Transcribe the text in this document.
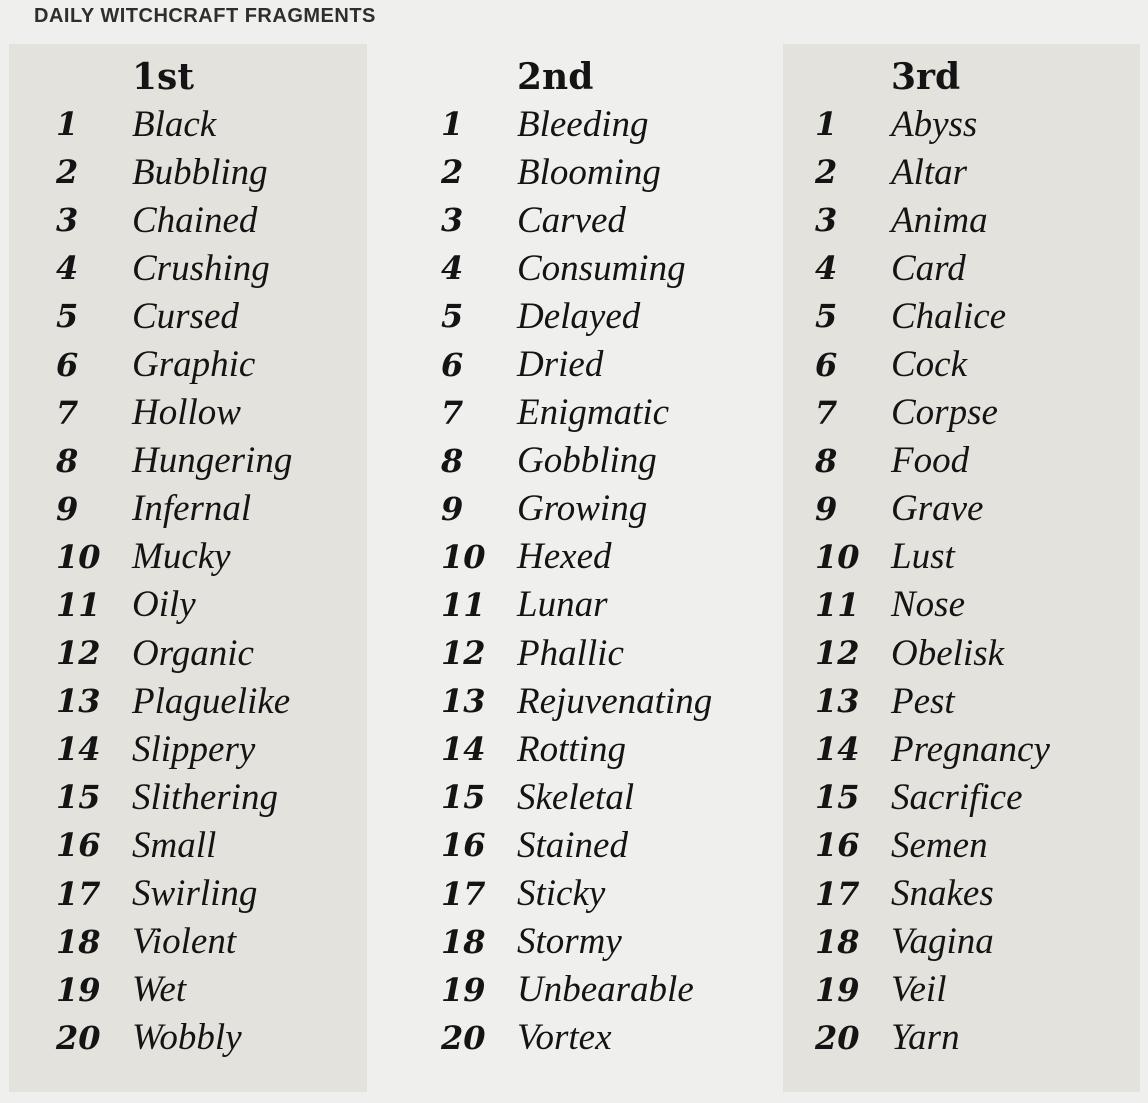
DAILY WITCHCRAFT FRAGMENTS
1st
1	Black
2	Bubbling
3	Chained
4	Crushing
5	Cursed
6	Graphic
7	Hollow
8	Hungering
9	Infernal
10 Mucky
11 Oily
12 Organic
13 Plaguelike
14 Slippery
15 Slithering
16 Small
17 Swirling
18 Violent
19 Wet
20 Wobbly
2nd
1	Bleeding
2	Blooming
3	Carved
4	Consuming
5	Delayed
6	Dried
7	Enigmatic
8	Gobbling
9	Growing
10 Hexed
11 Lunar
12 Phallic
13 Rejuvenating
14 Rotting
15 Skeletal
16 Stained
17 Sticky
18 Stormy
19 Unbearable
20 Vortex
3rd
1	Abyss
2	Altar
3	Anima
4	Card
5	Chalice
6	Cock
7	Corpse
8	Food
9	Grave
10 Lust
11 Nose
12 Obelisk
13 Pest
14 Pregnancy
15 Sacrifice
16 Semen
17 Snakes
18 Vagina
19 Veil
20 Yarn
